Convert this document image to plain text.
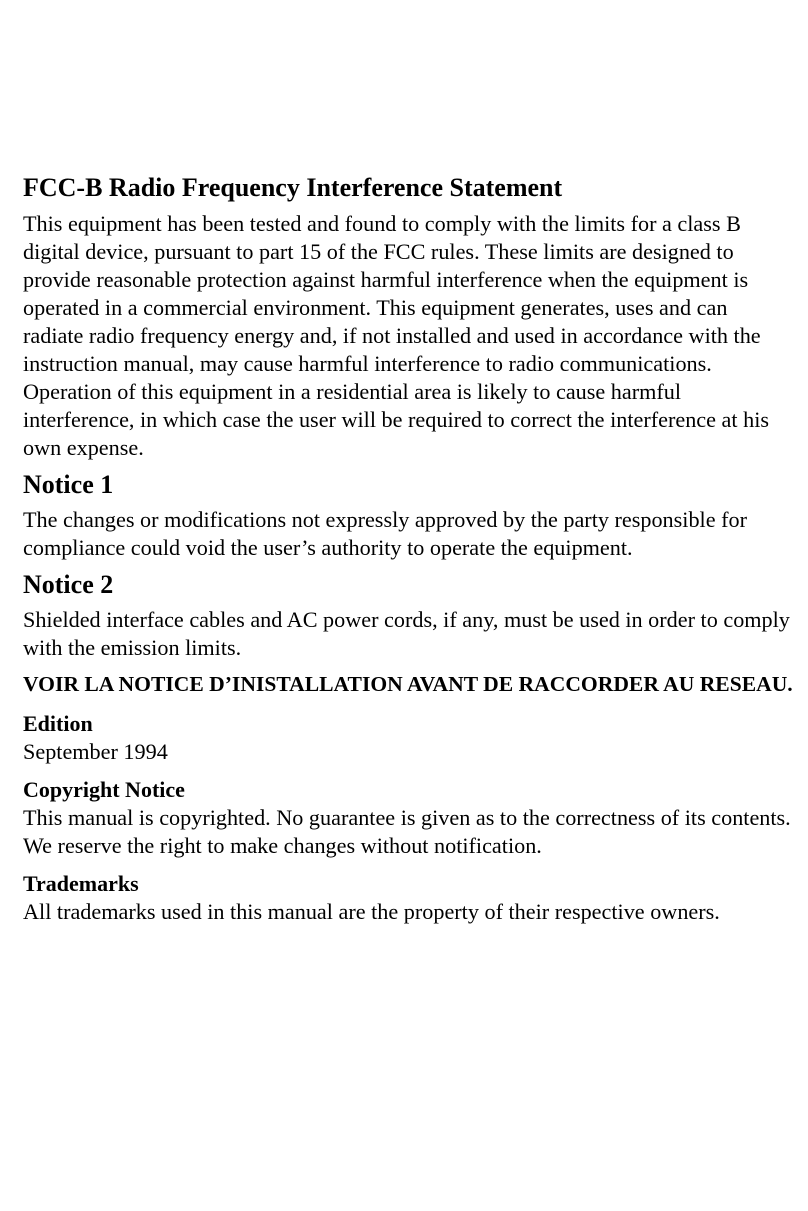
FCC-B Radio Frequency Interference Statement

This equipment has been tested and found to comply with the limits for a class B digital device, pursuant to part 15 of the FCC rules. These limits are designed to provide reasonable protection against harmful interference when the equipment is operated in a commercial environment. This equipment generates, uses and can radiate radio frequency energy and, if not installed and used in accordance with the instruction manual, may cause harmful interference to radio communications. Operation of this equipment in a residential area is likely to cause harmful interference, in which case the user will be required to correct the interference at his own expense.

Notice 1

The changes or modifications not expressly approved by the party responsible for compliance could void the user’s authority to operate the equipment.

Notice 2

Shielded interface cables and AC power cords, if any, must be used in order to comply with the emission limits.

VOIR LA NOTICE D’INISTALLATION AVANT DE RACCORDER AU RESEAU.

Edition

September 1994

Copyright Notice

This manual is copyrighted. No guarantee is given as to the correctness of its contents. We reserve the right to make changes without notification.

Trademarks

All trademarks used in this manual are the property of their respective owners.
